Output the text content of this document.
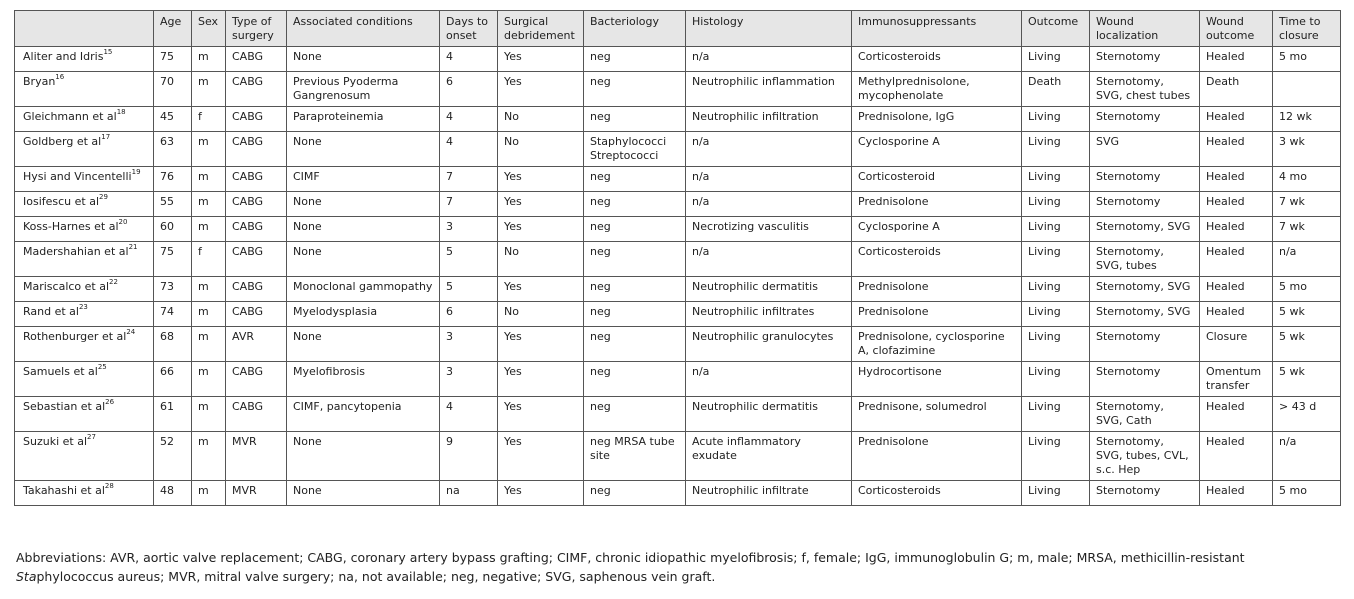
	Age	Sex	Type of surgery	Associated conditions	Days to onset	Surgical debridement	Bacteriology	Histology	Immunosuppressants	Outcome	Wound localization	Wound outcome	Time to closure
Aliter and Idris$^{15}$	75	m	CABG	None	4	Yes	neg	n/a	Corticosteroids	Living	Sternotomy	Healed	5 mo
Bryan$^{16}$	70	m	CABG	Previous Pyoderma Gangrenosum	6	Yes	neg	Neutrophilic inflammation	Methylprednisolone, mycophenolate	Death	Sternotomy, SVG, chest tubes	Death	
Gleichmann et $al^{18}$	45	f	CABG	Paraproteinemia	4	No	neg	Neutrophilic infiltration	Prednisolone, IgG	Living	Sternotomy	Healed	12 wk
Goldberg et $al^{17}$	63	m	CABG	None	4	No	Staphylococci Streptococci	n/a	Cyclosporine A	Living	SVG	Healed	3 wk
Hysi and Vincentelli$^{19}$	76	m	CABG	CIMF	7	Yes	neg	n/a	Corticosteroid	Living	Sternotomy	Healed	4 mo
Iosifescu et $al^{29}$	55	m	CABG	None	7	Yes	neg	n/a	Prednisolone	Living	Sternotomy	Healed	7 wk
Koss-Harnes et $al^{20}$	60	m	CABG	None	3	Yes	neg	Necrotizing vasculitis	Cyclosporine A	Living	Sternotomy, SVG	Healed	7 wk
Madershahian et $al^{21}$	75	f	CABG	None	5	No	neg	n/a	Corticosteroids	Living	Sternotomy, SVG, tubes	Healed	n/a
Mariscalco et $al^{22}$	73	m	CABG	Monoclonal gammopathy	5	Yes	neg	Neutrophilic dermatitis	Prednisolone	Living	Sternotomy, SVG	Healed	5 mo
Rand et $al^{23}$	74	m	CABG	Myelodysplasia	6	No	neg	Neutrophilic infiltrates	Prednisolone	Living	Sternotomy, SVG	Healed	5 wk
Rothenburger et $al^{24}$	68	m	AVR	None	3	Yes	neg	Neutrophilic granulocytes	Prednisolone, cyclosporine A, clofazimine	Living	Sternotomy	Closure	5 wk
Samuels et $al^{25}$	66	m	CABG	Myelofibrosis	3	Yes	neg	n/a	Hydrocortisone	Living	Sternotomy	Omentum transfer	5 wk
Sebastian et $al^{26}$	61	m	CABG	CIMF, pancytopenia	4	Yes	neg	Neutrophilic dermatitis	Prednisone, solumedrol	Living	Sternotomy, SVG, Cath	Healed	> 43 d
Suzuki et $al^{27}$	52	m	MVR	None	9	Yes	neg MRSA tube site	Acute inflammatory exudate	Prednisolone	Living	Sternotomy, SVG, tubes, CVL, s.c. Hep	Healed	n/a
Takahashi et $al^{28}$	48	m	MVR	None	na	Yes	neg	Neutrophilic infiltrate	Corticosteroids	Living	Sternotomy	Healed	5 mo
Abbreviations: AVR, aortic valve replacement; CABG, coronary artery bypass grafting; CIMF, chronic idiopathic myelofibrosis; f, female; IgG, immunoglobulin G; m, male; MRSA, methicillin-resistant
Staphylococcus aureus; MVR, mitral valve surgery; na, not available; neg, negative; SVG, saphenous vein graft.
